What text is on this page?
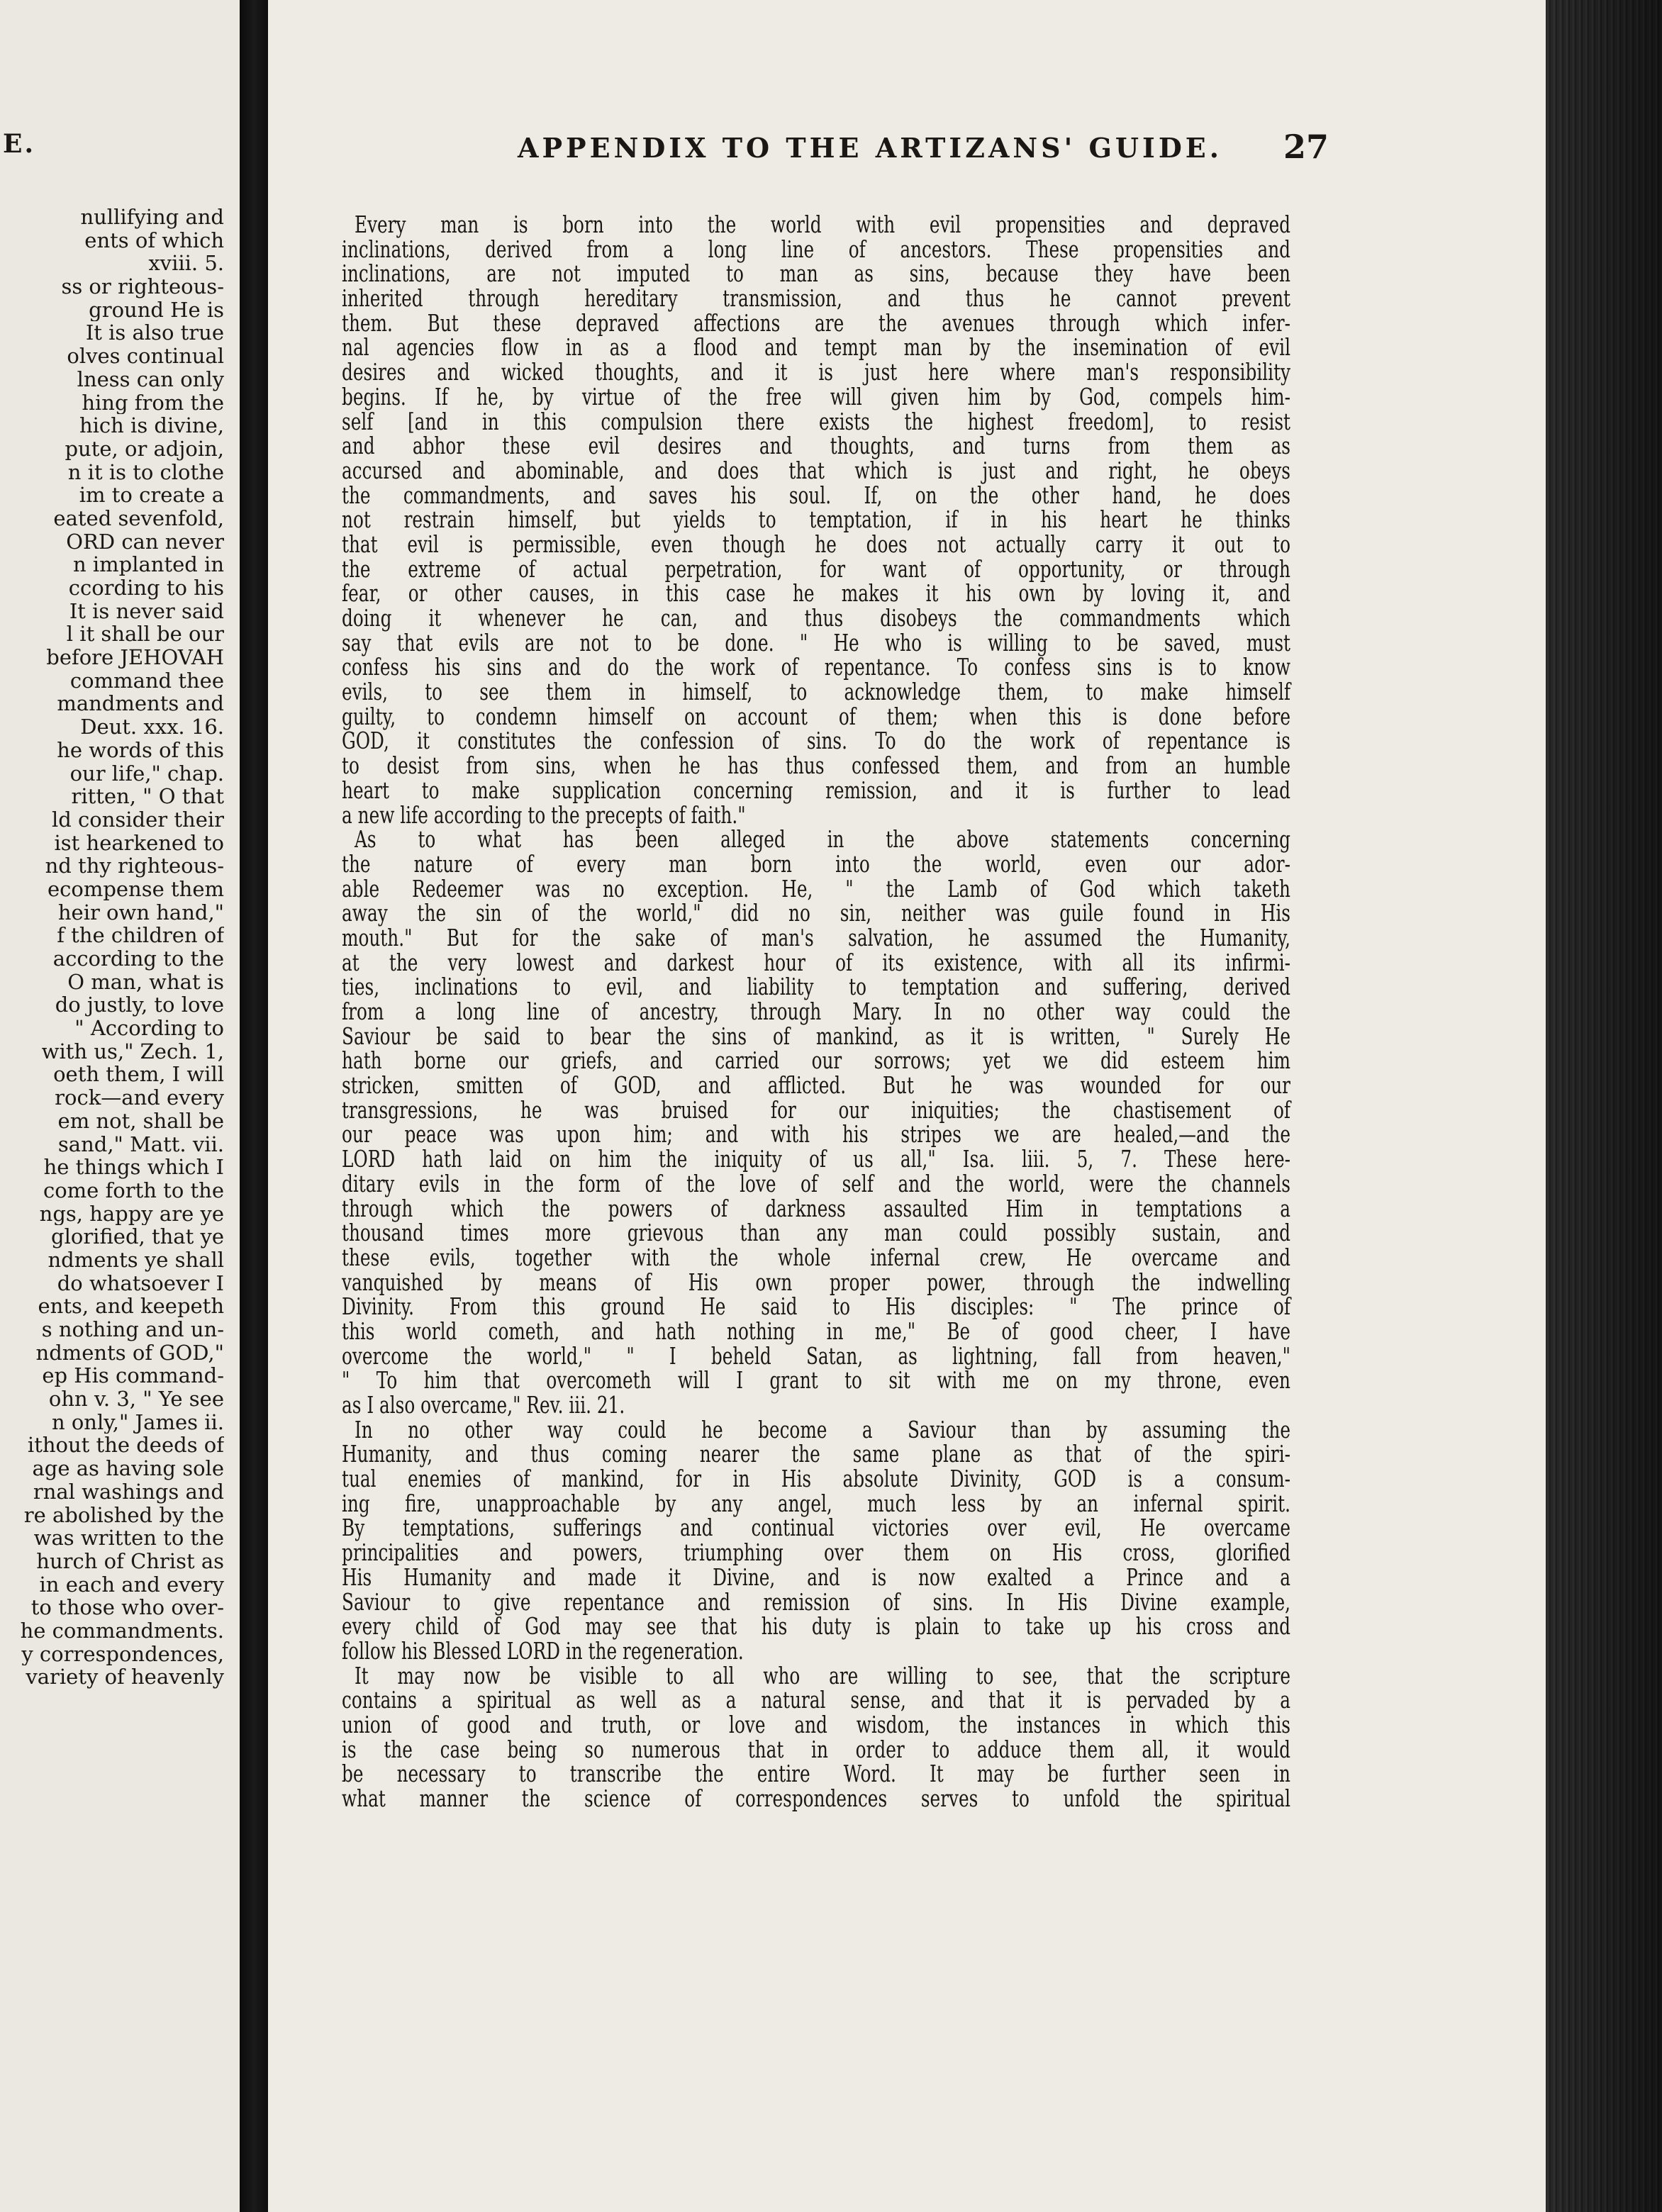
E.
nullifying and
ents of which
xviii. 5.
ss or righteous-
ground He is
It is also true
olves continual
lness can only
hing from the
hich is divine,
pute, or adjoin,
n it is to clothe
im to create a
eated sevenfold,
ORD can never
n implanted in
ccording to his
It is never said
l it shall be our
before JEHOVAH
command thee
mandments and
Deut. xxx. 16.
he words of this
our life," chap.
ritten, " O that
ld consider their
ist hearkened to
nd thy righteous-
ecompense them
heir own hand,"
f the children of
according to the
O man, what is
do justly, to love
" According to
with us," Zech. 1,
oeth them, I will
rock—and every
em not, shall be
sand," Matt. vii.
he things which I
come forth to the
ngs, happy are ye
glorified, that ye
ndments ye shall
do whatsoever I
ents, and keepeth
s nothing and un-
ndments of GOD,"
ep His command-
ohn v. 3, " Ye see
n only," James ii.
ithout the deeds of
age as having sole
rnal washings and
re abolished by the
was written to the
hurch of Christ as
in each and every
to those who over-
he commandments.
y correspondences,
variety of heavenly
APPENDIX TO THE ARTIZANS' GUIDE. 27
Every man is born into the world with evil propensities and depraved
inclinations, derived from a long line of ancestors. These propensities and
inclinations, are not imputed to man as sins, because they have been
inherited through hereditary transmission, and thus he cannot prevent
them. But these depraved affections are the avenues through which infer-
nal agencies flow in as a flood and tempt man by the insemination of evil
desires and wicked thoughts, and it is just here where man's responsibility
begins. If he, by virtue of the free will given him by God, compels him-
self [and in this compulsion there exists the highest freedom], to resist
and abhor these evil desires and thoughts, and turns from them as
accursed and abominable, and does that which is just and right, he obeys
the commandments, and saves his soul. If, on the other hand, he does
not restrain himself, but yields to temptation, if in his heart he thinks
that evil is permissible, even though he does not actually carry it out to
the extreme of actual perpetration, for want of opportunity, or through
fear, or other causes, in this case he makes it his own by loving it, and
doing it whenever he can, and thus disobeys the commandments which
say that evils are not to be done. " He who is willing to be saved, must
confess his sins and do the work of repentance. To confess sins is to know
evils, to see them in himself, to acknowledge them, to make himself
guilty, to condemn himself on account of them; when this is done before
GOD, it constitutes the confession of sins. To do the work of repentance is
to desist from sins, when he has thus confessed them, and from an humble
heart to make supplication concerning remission, and it is further to lead
a new life according to the precepts of faith."
As to what has been alleged in the above statements concerning
the nature of every man born into the world, even our ador-
able Redeemer was no exception. He, " the Lamb of God which taketh
away the sin of the world," did no sin, neither was guile found in His
mouth." But for the sake of man's salvation, he assumed the Humanity,
at the very lowest and darkest hour of its existence, with all its infirmi-
ties, inclinations to evil, and liability to temptation and suffering, derived
from a long line of ancestry, through Mary. In no other way could the
Saviour be said to bear the sins of mankind, as it is written, " Surely He
hath borne our griefs, and carried our sorrows; yet we did esteem him
stricken, smitten of GOD, and afflicted. But he was wounded for our
transgressions, he was bruised for our iniquities; the chastisement of
our peace was upon him; and with his stripes we are healed,—and the
LORD hath laid on him the iniquity of us all," Isa. liii. 5, 7. These here-
ditary evils in the form of the love of self and the world, were the channels
through which the powers of darkness assaulted Him in temptations a
thousand times more grievous than any man could possibly sustain, and
these evils, together with the whole infernal crew, He overcame and
vanquished by means of His own proper power, through the indwelling
Divinity. From this ground He said to His disciples: " The prince of
this world cometh, and hath nothing in me," Be of good cheer, I have
overcome the world," " I beheld Satan, as lightning, fall from heaven,"
" To him that overcometh will I grant to sit with me on my throne, even
as I also overcame," Rev. iii. 21.
In no other way could he become a Saviour than by assuming the
Humanity, and thus coming nearer the same plane as that of the spiri-
tual enemies of mankind, for in His absolute Divinity, GOD is a consum-
ing fire, unapproachable by any angel, much less by an infernal spirit.
By temptations, sufferings and continual victories over evil, He overcame
principalities and powers, triumphing over them on His cross, glorified
His Humanity and made it Divine, and is now exalted a Prince and a
Saviour to give repentance and remission of sins. In His Divine example,
every child of God may see that his duty is plain to take up his cross and
follow his Blessed LORD in the regeneration.
It may now be visible to all who are willing to see, that the scripture
contains a spiritual as well as a natural sense, and that it is pervaded by a
union of good and truth, or love and wisdom, the instances in which this
is the case being so numerous that in order to adduce them all, it would
be necessary to transcribe the entire Word. It may be further seen in
what manner the science of correspondences serves to unfold the spiritual
